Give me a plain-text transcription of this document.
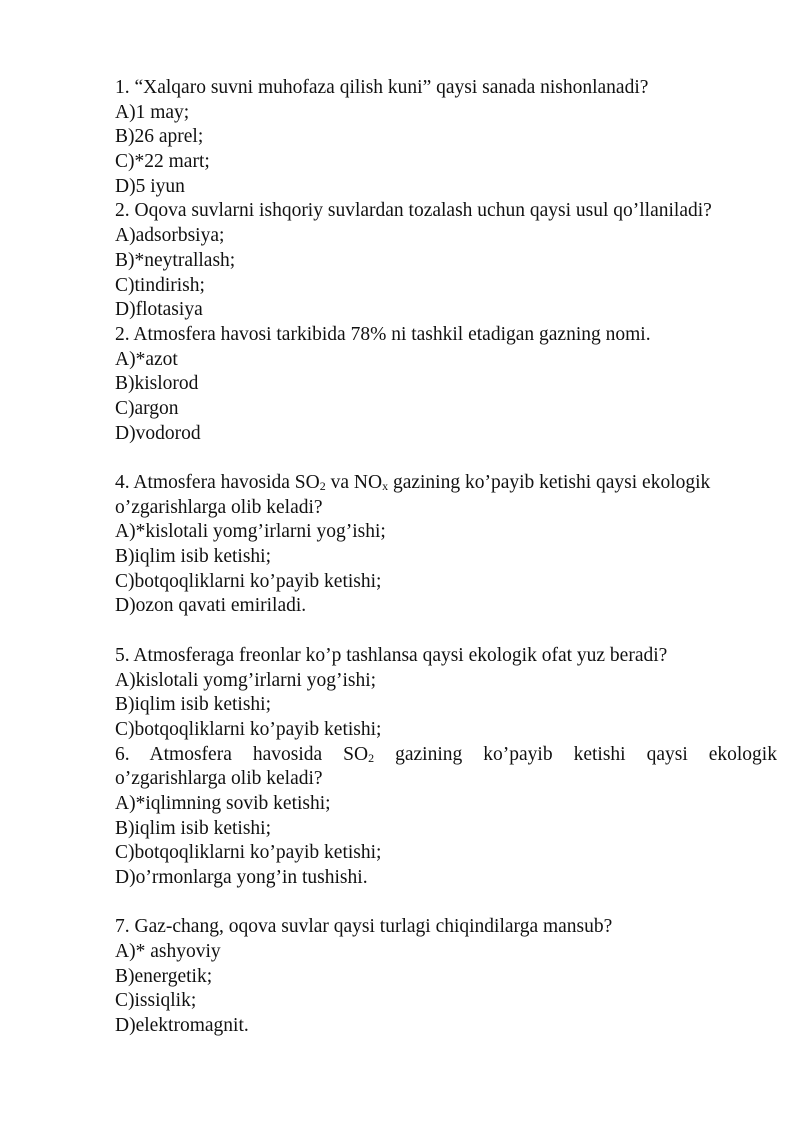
1. “Xalqaro suvni muhofaza qilish kuni” qaysi sanada nishonlanadi?
A)1 may;
B)26 aprel;
C)*22 mart;
D)5 iyun
2. Oqova suvlarni ishqoriy suvlardan tozalash uchun qaysi usul qo’llaniladi?
A)adsorbsiya;
B)*neytrallash;
C)tindirish;
D)flotasiya
2. Atmosfera havosi tarkibida 78% ni tashkil etadigan gazning nomi.
A)*azot
B)kislorod
C)argon
D)vodorod
4. Atmosfera havosida $SO_2$ va $NO_x$ gazining ko’payib ketishi qaysi ekologik
o’zgarishlarga olib keladi?
A)*kislotali yomg’irlarni yog’ishi;
B)iqlim isib ketishi;
C)botqoqliklarni ko’payib ketishi;
D)ozon qavati emiriladi.
5. Atmosferaga freonlar ko’p tashlansa qaysi ekologik ofat yuz beradi?
A)kislotali yomg’irlarni yog’ishi;
B)iqlim isib ketishi;
C)botqoqliklarni ko’payib ketishi;
6. Atmosfera havosida $SO_2$ gazining ko’payib ketishi qaysi ekologik
o’zgarishlarga olib keladi?
A)*iqlimning sovib ketishi;
B)iqlim isib ketishi;
C)botqoqliklarni ko’payib ketishi;
D)o’rmonlarga yong’in tushishi.
7. Gaz-chang, oqova suvlar qaysi turlagi chiqindilarga mansub?
A)* ashyoviy
B)energetik;
C)issiqlik;
D)elektromagnit.
